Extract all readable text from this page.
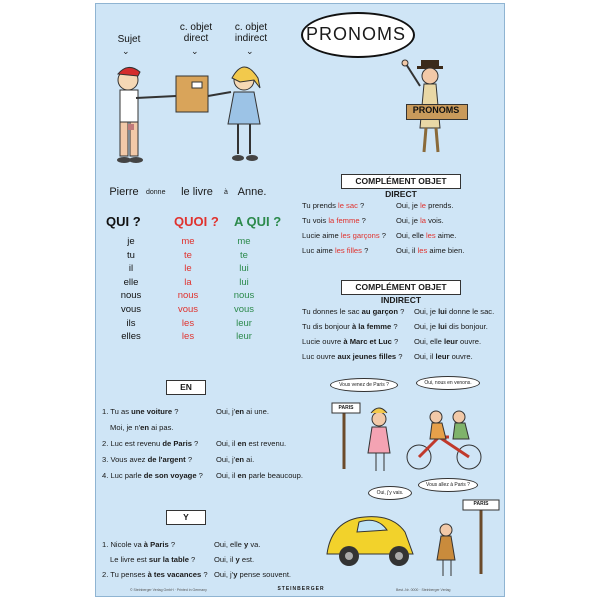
PRONOMS
Sujet
c. objet
direct
c. objet
indirect
⌄	⌄	⌄
PRONOMS
Pierre	donne	le livre	à Anne.
QUI ?	QUOI ? A QUI ?
je	me	me
tu	te	te
il	le	lui
elle	la	lui
nous	nous	nous
vous	vous	vous
ils	les	leur
elles	les	leur
COMPLÉMENT OBJET DIRECT
Tu prends le sac ?	Oui, je le prends.
Tu vois la femme ?	Oui, je la vois.
Lucie aime les garçons ? Oui, elle les aime.
Luc aime les filles ?	Oui, il les aime bien.
COMPLÉMENT OBJET INDIRECT
Tu donnes le sac au garçon ? Oui, je lui donne le sac.
Tu dis bonjour à la femme ? Oui, je lui dis bonjour.
Lucie ouvre à Marc et Luc ? Oui, elle leur ouvre.
Luc ouvre aux jeunes filles ? Oui, il leur ouvre.
EN
1. Tu as une voiture ?	Oui, j'en ai une.
Moi, je n'en ai pas.
2. Luc est revenu de Paris ? Oui, il en est revenu.
3. Vous avez de l'argent ?	Oui, j'en ai.
4. Luc parle de son voyage ? Oui, il en parle beaucoup.
Y
1. Nicole va à Paris ?	Oui, elle y va.
Le livre est sur la table ? Oui, il y est.
2. Tu penses à tes vacances ? Oui, j'y pense souvent.
PARIS
Vous venez de Paris ?	Oui, nous en venons.
PARIS
Oui, j'y vais.
Vous allez à Paris ?
© Steinberger Verlag GmbH · Printed in Germany	STEINBERGER	Best.-Nr. 0000 · Steinberger Verlag
